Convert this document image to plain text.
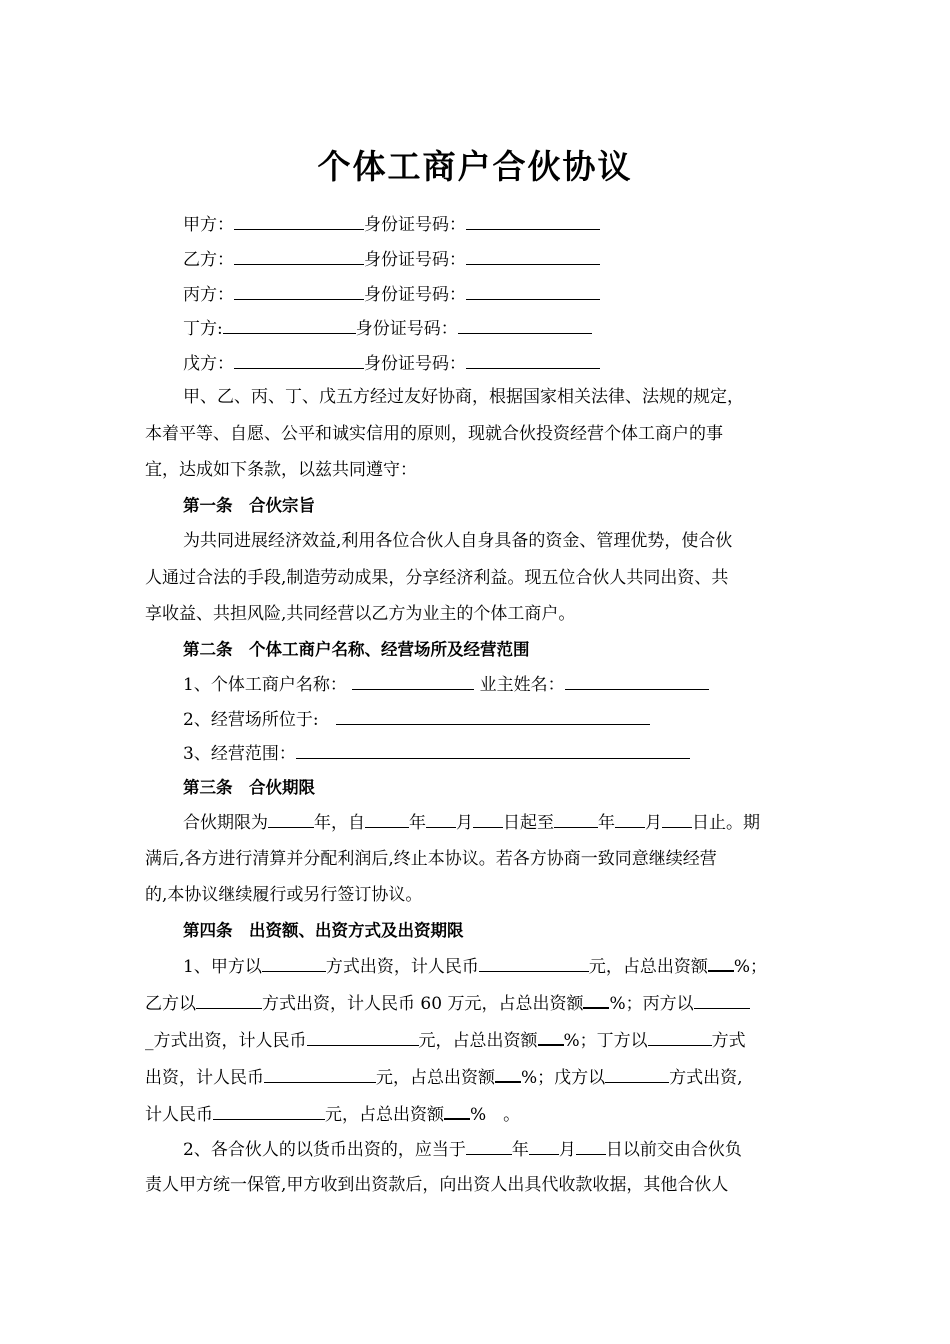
个体工商户合伙协议
甲方：	身份证号码：
乙方：	身份证号码：
丙方：	身份证号码：
丁方:	身份证号码：
戊方：	身份证号码：
甲、乙、丙、丁、戊五方经过友好协商，根据国家相关法律、法规的规定，
本着平等、自愿、公平和诚实信用的原则，现就合伙投资经营个体工商户的事
宜，达成如下条款，以兹共同遵守：
第一条　合伙宗旨
为共同进展经济效益,利用各位合伙人自身具备的资金、管理优势，使合伙
人通过合法的手段,制造劳动成果，分享经济利益。现五位合伙人共同出资、共
享收益、共担风险,共同经营以乙方为业主的个体工商户。
第二条　个体工商户名称、经营场所及经营范围
1、个体工商户名称：	业主姓名：
2、经营场所位于:
3、经营范围：
第三条　合伙期限
合伙期限为	年，自	年 月 日起至	年 月 日止。期
满后,各方进行清算并分配利润后,终止本协议。若各方协商一致同意继续经营
的,本协议继续履行或另行签订协议。
第四条　出资额、出资方式及出资期限
1、甲方以	方式出资，计人民币	元，占总出资额 %；
乙方以	方式出资，计人民币 60 万元，占总出资额 %；丙方以
_方式出资，计人民币	元，占总出资额 %；丁方以	方式
出资，计人民币	元，占总出资额 %；戊方以	方式出资,
计人民币	元，占总出资额 %　。
2、各合伙人的以货币出资的，应当于	年 月 日以前交由合伙负
责人甲方统一保管,甲方收到出资款后，向出资人出具代收款收据，其他合伙人
